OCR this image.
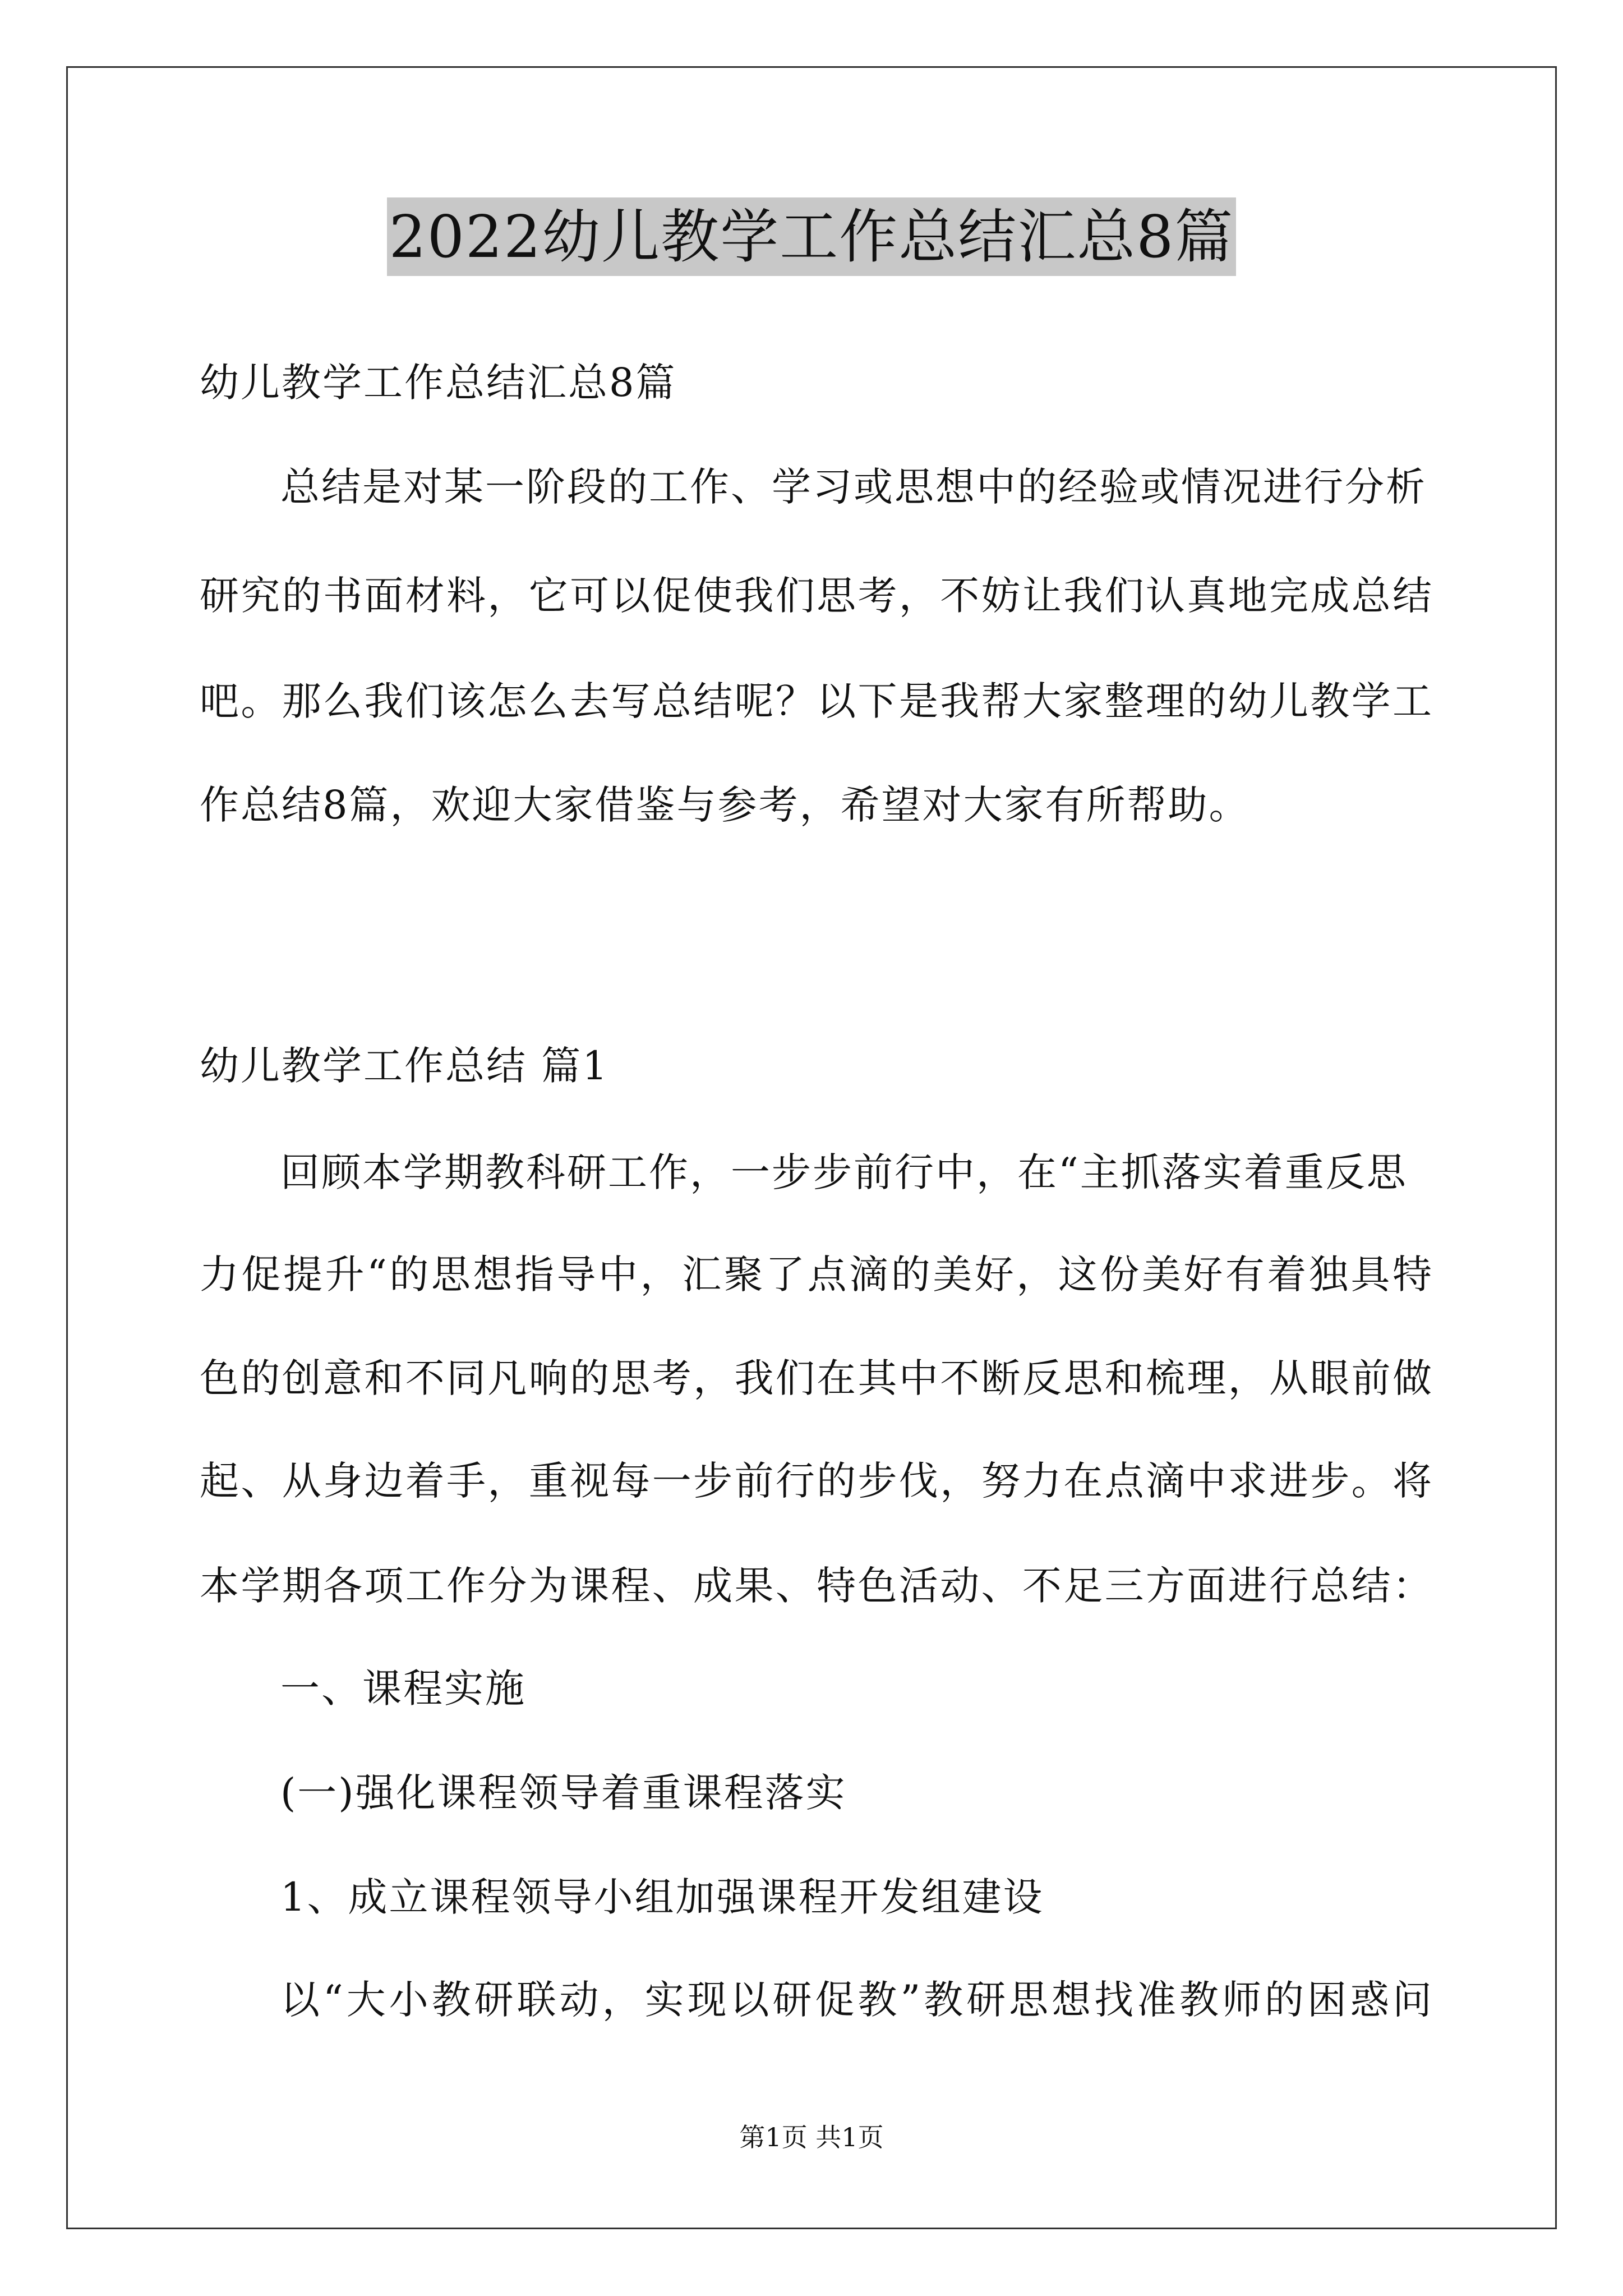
2022幼儿教学工作总结汇总8篇
幼儿教学工作总结汇总8篇
总结是对某一阶段的工作、学习或思想中的经验或情况进行分析
研究的书面材料，它可以促使我们思考，不妨让我们认真地完成总结
吧。那么我们该怎么去写总结呢？以下是我帮大家整理的幼儿教学工
作总结8篇，欢迎大家借鉴与参考，希望对大家有所帮助。
幼儿教学工作总结 篇1
回顾本学期教科研工作，一步步前行中，在“主抓落实着重反思
力促提升“的思想指导中，汇聚了点滴的美好，这份美好有着独具特
色的创意和不同凡响的思考，我们在其中不断反思和梳理，从眼前做
起、从身边着手，重视每一步前行的步伐，努力在点滴中求进步。将
本学期各项工作分为课程、成果、特色活动、不足三方面进行总结：
一、课程实施
(一)强化课程领导着重课程落实
1、成立课程领导小组加强课程开发组建设
以“大小教研联动，实现以研促教”教研思想找准教师的困惑问
第1页 共1页
